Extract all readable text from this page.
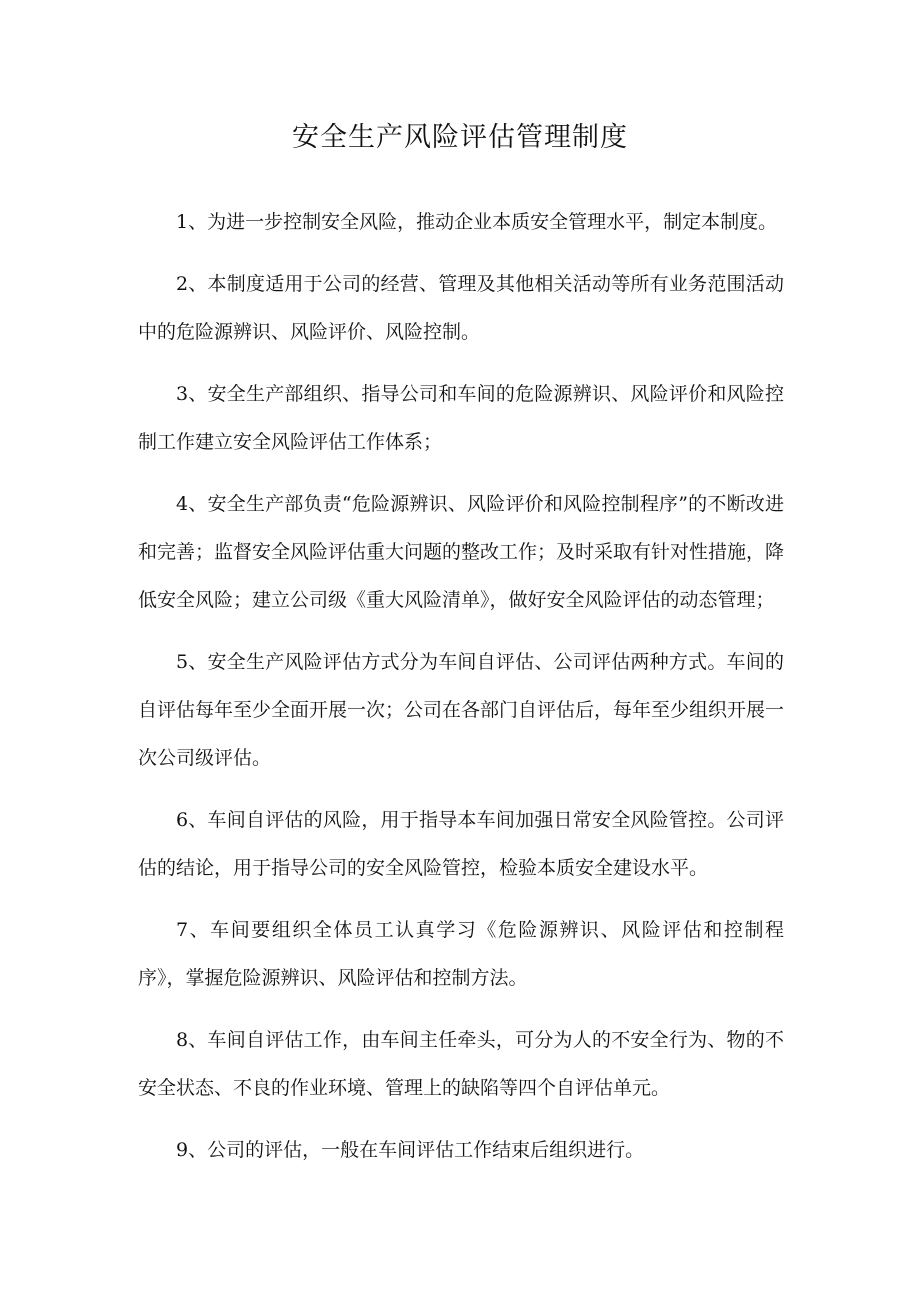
安全生产风险评估管理制度

1、为进一步控制安全风险，推动企业本质安全管理水平，制定本制度。

2、本制度适用于公司的经营、管理及其他相关活动等所有业务范围活动中的危险源辨识、风险评价、风险控制。

3、安全生产部组织、指导公司和车间的危险源辨识、风险评价和风险控制工作建立安全风险评估工作体系；

4、安全生产部负责“危险源辨识、风险评价和风险控制程序”的不断改进和完善；监督安全风险评估重大问题的整改工作；及时采取有针对性措施，降低安全风险；建立公司级《重大风险清单》，做好安全风险评估的动态管理；

5、安全生产风险评估方式分为车间自评估、公司评估两种方式。车间的自评估每年至少全面开展一次；公司在各部门自评估后，每年至少组织开展一次公司级评估。

6、车间自评估的风险，用于指导本车间加强日常安全风险管控。公司评估的结论，用于指导公司的安全风险管控，检验本质安全建设水平。

7、车间要组织全体员工认真学习《危险源辨识、风险评估和控制程序》，掌握危险源辨识、风险评估和控制方法。

8、车间自评估工作，由车间主任牵头，可分为人的不安全行为、物的不安全状态、不良的作业环境、管理上的缺陷等四个自评估单元。

9、公司的评估，一般在车间评估工作结束后组织进行。
